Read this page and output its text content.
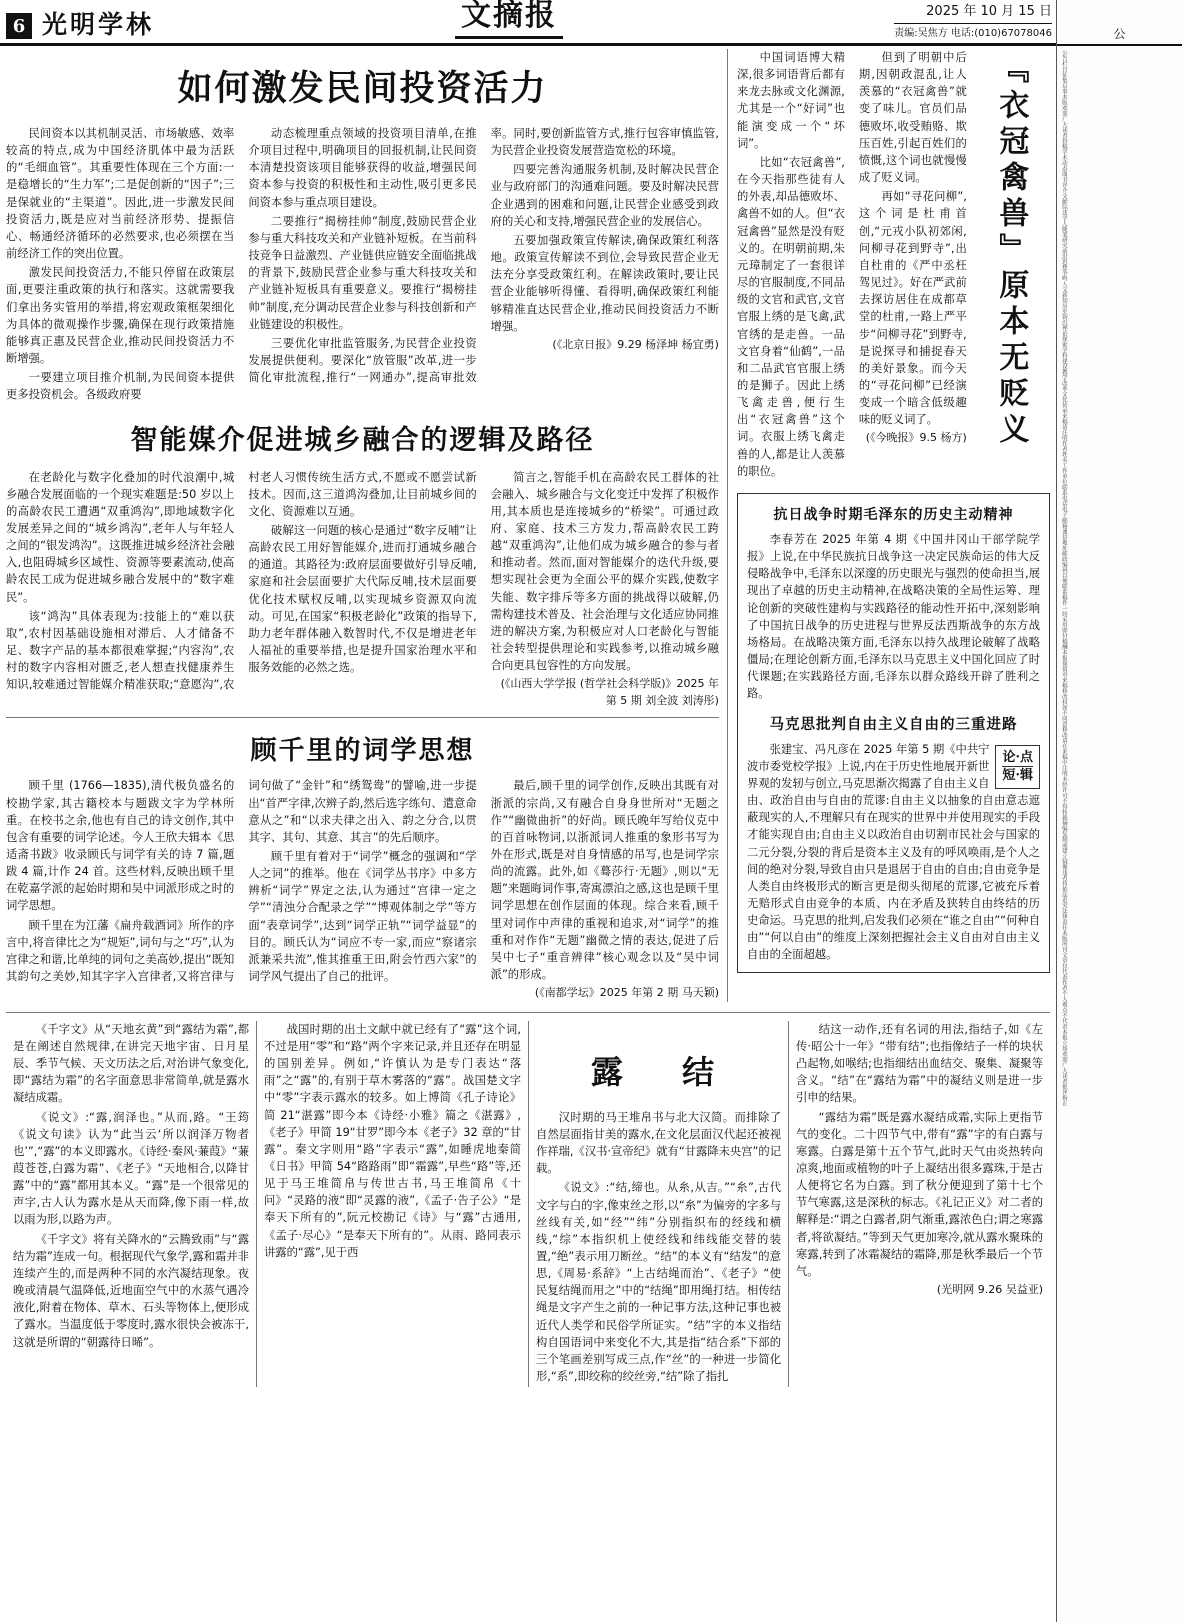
6 光明学林	文摘报	2025 年 10 月 15 日
责编:吴焦方 电话:(010)67078046	公
公告栏目征集启事本版欢迎广大读者投稿学术动态图书评介文献综述学人随笔研究前沿思想争鸣人文新知历史钩沉理论探索学科建设教学改革文化传承来稿请注明作者姓名工作单位联系电话电子邮箱通信地址邮政编码以便联系稿件一经采用即付稿酬本报保留对来稿修改权如不同意修改请在来稿中注明未经许可不得转载摘编复制或建立镜像违者将依法追究法律责任本版所刊文章仅代表作者个人观点不代表本报立场欢迎广大读者批评指正
如何激发民间投资活力

民间资本以其机制灵活、市场敏感、效率较高的特点,成为中国经济肌体中最为活跃的“毛细血管”。其重要性体现在三个方面:一是稳增长的“生力军”;二是促创新的“因子”;三是保就业的“主渠道”。因此,进一步激发民间投资活力,既是应对当前经济形势、提振信心、畅通经济循环的必然要求,也必须摆在当前经济工作的突出位置。

激发民间投资活力,不能只停留在政策层面,更要注重政策的执行和落实。这就需要我们拿出务实管用的举措,将宏观政策框架细化为具体的微观操作步骤,确保在现行政策措施能够真正惠及民营企业,推动民间投资活力不断增强。

一要建立项目推介机制,为民间资本提供更多投资机会。各级政府要

动态梳理重点领域的投资项目清单,在推介项目过程中,明确项目的回报机制,让民间资本清楚投资该项目能够获得的收益,增强民间资本参与投资的积极性和主动性,吸引更多民间资本参与重点项目建设。

二要推行“揭榜挂帅”制度,鼓励民营企业参与重大科技攻关和产业链补短板。在当前科技竞争日益激烈、产业链供应链安全面临挑战的背景下,鼓励民营企业参与重大科技攻关和产业链补短板具有重要意义。要推行“揭榜挂帅”制度,充分调动民营企业参与科技创新和产业链建设的积极性。

三要优化审批监管服务,为民营企业投资发展提供便利。要深化“放管服”改革,进一步简化审批流程,推行“一网通办”,提高审批效率。同时,要创新监管方式,推行包容审慎监管,为民营企业投资发展营造宽松的环境。

四要完善沟通服务机制,及时解决民营企业与政府部门的沟通难问题。要及时解决民营企业遇到的困难和问题,让民营企业感受到政府的关心和支持,增强民营企业的发展信心。

五要加强政策宣传解读,确保政策红利落地。政策宣传解读不到位,会导致民营企业无法充分享受政策红利。在解读政策时,要让民营企业能够听得懂、看得明,确保政策红利能够精准直达民营企业,推动民间投资活力不断增强。

(《北京日报》9.29 杨泽坤 杨宜勇)

智能媒介促进城乡融合的逻辑及路径

在老龄化与数字化叠加的时代浪潮中,城乡融合发展面临的一个现实难题是:50 岁以上的高龄农民工遭遇“双重鸿沟”,即地域数字化发展差异之间的“城乡鸿沟”,老年人与年轻人之间的“银发鸿沟”。这既推进城乡经济社会融入,也阻碍城乡区域性、资源等要素流动,使高龄农民工成为促进城乡融合发展中的“数字难民”。

该“鸿沟”具体表现为:技能上的“难以获取”,农村因基础设施相对滞后、人才储备不足、数字产品的基本都很难掌握;“内容沟”,农村的数字内容相对匮乏,老人想查找健康养生知识,较难通过智能媒介精准获取;“意愿沟”,农村老人习惯传统生活方式,不愿或不愿尝试新技术。因而,这三道鸿沟叠加,让目前城乡间的文化、资源难以互通。

破解这一问题的核心是通过“数字反哺”让高龄农民工用好智能媒介,进而打通城乡融合的通道。其路径为:政府层面要做好引导反哺,家庭和社会层面要扩大代际反哺,技术层面要优化技术赋权反哺,以实现城乡资源双向流动。可见,在国家“积极老龄化”政策的指导下,助力老年群体融入数智时代,不仅是增进老年人福祉的重要举措,也是提升国家治理水平和服务效能的必然之选。

简言之,智能手机在高龄农民工群体的社会融入、城乡融合与文化变迁中发挥了积极作用,其本质也是连接城乡的“桥梁”。可通过政府、家庭、技术三方发力,帮高龄农民工跨越“双重鸿沟”,让他们成为城乡融合的参与者和推动者。然而,面对智能媒介的迭代升级,要想实现社会更为全面公平的媒介实践,使数字失能、数字排斥等多方面的挑战得以破解,仍需构建技术普及、社会治理与文化适应协同推进的解决方案,为积极应对人口老龄化与智能社会转型提供理论和实践参考,以推动城乡融合向更具包容性的方向发展。

(《山西大学学报 (哲学社会科学版)》2025 年第 5 期 刘全波 刘涛彤)

顾千里的词学思想

顾千里 (1766—1835),清代极负盛名的校勘学家,其古籍校本与题跋文字为学林所重。在校书之余,他也有自己的诗文创作,其中包含有重要的词学论述。今人王欣夫辑本《思适斋书跋》收录顾氏与词学有关的诗 7 篇,题跋 4 篇,计作 24 首。这些材料,反映出顾千里在乾嘉学派的起始时期和吴中词派形成之时的词学思想。

顾千里在为江藩《扁舟载酒词》所作的序言中,将音律比之为“规矩”,词句与之“巧”,认为宫律之和谐,比单纯的词句之美高妙,提出“既知其韵句之美妙,知其字字入宫律者,又将宫律与词句做了“金针”和“绣鸳鸯”的譬喻,进一步提出“首严字律,次辨子韵,然后选字练句、遣意命意从之”和“以求夫律之出入、韵之分合,以贯其字、其句、其意、其言”的先后顺序。

顾千里有着对于“词学”概念的强调和“学人之词”的推举。他在《词学丛书序》中多方辨析“词学”界定之法,认为通过“宫律一定之学”“清浊分合配录之学”“博观体制之学”等方面“表章词学”,达到“词学正轨”“词学益显”的目的。顾氏认为“词应不专一家,而应“察诸宗派兼采共流”,惟其推重王田,附会竹西六家”的词学风气提出了自己的批评。

最后,顾千里的词学创作,反映出其既有对浙派的宗尚,又有融合自身身世所对“无题之作”“幽微曲折”的好尚。顾氏晚年写给仪克中的百首咏物词,以浙派词人推重的象形书写为外在形式,既是对自身情感的吊写,也是词学宗尚的流露。此外,如《蓦莎行·无题》,则以“无题”来题晦词作事,寄寓漂泊之感,这也是顾千里词学思想在创作层面的体现。综合来看,顾千里对词作中声律的重视和追求,对“词学”的推重和对作作“无题”幽微之情的表达,促进了后吴中七子“重音辨律”核心观念以及“吴中词派”的形成。

(《南都学坛》2025 年第 2 期 马天颖)

中国词语博大精深,很多词语背后都有来龙去脉或文化渊源,尤其是一个“好词”也能演变成一个“坏词”。

比如“衣冠禽兽”,在今天指那些徒有人的外表,却品德败坏、禽兽不如的人。但“衣冠禽兽”显然是没有贬义的。在明朝前期,朱元璋制定了一套很详尽的官服制度,不同品级的文官和武官,文官官服上绣的是飞禽,武官绣的是走兽。一品文官身着“仙鹤”,一品和二品武官官服上绣的是狮子。因此上绣飞禽走兽,便行生出“衣冠禽兽”这个词。衣服上绣飞禽走兽的人,都是让人羡慕的职位。

但到了明朝中后期,因朝政混乱,让人羡慕的“衣冠禽兽”就变了味儿。官员们品德败坏,收受贿赂、欺压百姓,引起百姓们的愤慨,这个词也就慢慢成了贬义词。

再如“寻花问柳”,这个词是杜甫首创,“元戎小队初郊闲,问柳寻花到野寺”,出自杜甫的《严中丞枉驾见过》。好在严武前去探访居住在成都草堂的杜甫,一路上严平步“问柳寻花”到野寺,是说探寻和捕捉春天的美好景象。而今天的“寻花问柳”已经演变成一个暗含低级趣味的贬义词了。

(《今晚报》9.5 杨方) 『衣冠禽兽』原本无贬义
抗日战争时期毛泽东的历史主动精神

李春芳在 2025 年第 4 期《中国井冈山干部学院学报》上说,在中华民族抗日战争这一决定民族命运的伟大反侵略战争中,毛泽东以深邃的历史眼光与强烈的使命担当,展现出了卓越的历史主动精神,在战略决策的全局性运筹、理论创新的突破性建构与实践路径的能动性开拓中,深刻影响了中国抗日战争的历史进程与世界反法西斯战争的东方战场格局。在战略决策方面,毛泽东以持久战理论破解了战略僵局;在理论创新方面,毛泽东以马克思主义中国化回应了时代课题;在实践路径方面,毛泽东以群众路线开辟了胜利之路。

马克思批判自由主义自由的三重进路
论·点
短·辑

张建宝、冯凡彦在 2025 年第 5 期《中共宁波市委党校学报》上说,内在于历史性地展开新世界观的发轫与创立,马克思渐次揭露了自由主义自由、政治自由与自由的荒谬:自由主义以抽象的自由意志遮蔽现实的人,不理解只有在现实的世界中并使用现实的手段才能实现自由;自由主义以政治自由切割市民社会与国家的二元分裂,分裂的背后是资本主义及有的呼风唤雨,是个人之间的绝对分裂,导致自由只是退居于自由的自由;自由竞争是人类自由终极形式的断言更是彻头彻尾的荒谬,它被充斥着无赔形式自由竞争的本质、内在矛盾及狭转自由终结的历史命运。马克思的批判,启发我们必须在“谁之自由”“何种自由”“何以自由”的维度上深刻把握社会主义自由对自由主义自由的全面超越。

《千字文》从“天地玄黄”到“露结为霜”,都是在阐述自然规律,在讲完天地宇宙、日月星辰、季节气候、天文历法之后,对治讲气象变化,即“露结为霜”的名字面意思非常简单,就是露水凝结成霜。

《说文》:“露,润泽也。”从而,路。“王筠《说文句读》认为“此当云‘所以润泽万物者也’”,“露”的本义即露水。《诗经·秦风·蒹葭》“蒹葭苍苍,白露为霜”、《老子》“天地相合,以降甘露”中的“露”都用其本义。“露”是一个很常见的声字,古人认为露水是从天而降,像下雨一样,故以雨为形,以路为声。

《千字文》将有关降水的“云腾致雨”与“露结为霜”连成一句。根据现代气象学,露和霜并非连续产生的,而是两种不同的水汽凝结现象。夜晚或清晨气温降低,近地面空气中的水蒸气遇冷液化,附着在物体、草木、石头等物体上,便形成了露水。当温度低于零度时,露水很快会被冻干,这就是所谓的“朝露待日晞”。

战国时期的出土文献中就已经有了“露”这个词,不过是用“零”和“路”两个字来记录,并且还存在明显的国别差异。例如,“许慎认为是专门表达“落雨”之“露”的,有别于草木雾落的“露”。战国楚文字中“零”字表示露水的较多。如上博简《孔子诗论》简 21“湛露”即今本《诗经·小雅》篇之《湛露》,《老子》甲简 19“甘罗”即今本《老子》32 章的“甘露”。秦文字则用“路”字表示“露”,如睡虎地秦简《日书》甲简 54“路路雨”即“霜露”,早些“路”等,还见于马王堆简帛与传世古书,马王堆简帛《十问》“灵路的液“即“灵露的液”,《孟子·告子公》“是奉天下所有的”,阮元校勘记《诗》与“露”古通用,《孟子·尽心》“是奉天下所有的”。从雨、路同表示讲露的“露”,见于西

露 结

汉时期的马王堆帛书与北大汉简。而排除了自然层面指甘美的露水,在文化层面汉代起还被视作祥瑞,《汉书·宣帝纪》就有“甘露降未央宫”的记载。

《说文》:“结,缔也。从糸,从吉。”“糸”,古代文字与白的字,像束丝之形,以“糸”为偏旁的字多与丝线有关,如“经”“纬”分别指织布的经线和横线,“综”本指织机上使经线和纬线能交替的装置,“绝”表示用刀断丝。“结”的本义有“结发”的意思,《周易·系辞》“上古结绳而治”、《老子》“使民复结绳而用之”中的“结绳”即用绳打结。相传结绳是文字产生之前的一种记事方法,这种记事也被近代人类学和民俗学所证实。“结”字的本义指结构自国语词中来变化不大,其是指“结合系”下部的三个笔画差别写成三点,作“丝”的一种进一步简化形,“系”,即绞称的绞丝旁,“结”除了指扎

结这一动作,还有名词的用法,指结子,如《左传·昭公十一年》“带有结”;也指像结子一样的块状凸起物,如喉结;也指细结出血结交、聚集、凝聚等含义。“结”在“露结为霜”中的凝结义则是进一步引申的结果。

“露结为霜”既是露水凝结成霜,实际上更指节气的变化。二十四节气中,带有“露”字的有白露与寒露。白露是第十五个节气,此时天气由炎热转向凉爽,地面或植物的叶子上凝结出很多露珠,于是古人便将它名为白露。到了秋分便迎到了第十七个节气寒露,这是深秋的标志。《礼记正义》对二者的解释是:“谓之白露者,阴气渐重,露浓色白;谓之寒露者,将欲凝结。”等到天气更加寒冷,就从露水聚珠的寒露,转到了冰霜凝结的霜降,那是秋季最后一个节气。

(光明网 9.26 吴益亚)
